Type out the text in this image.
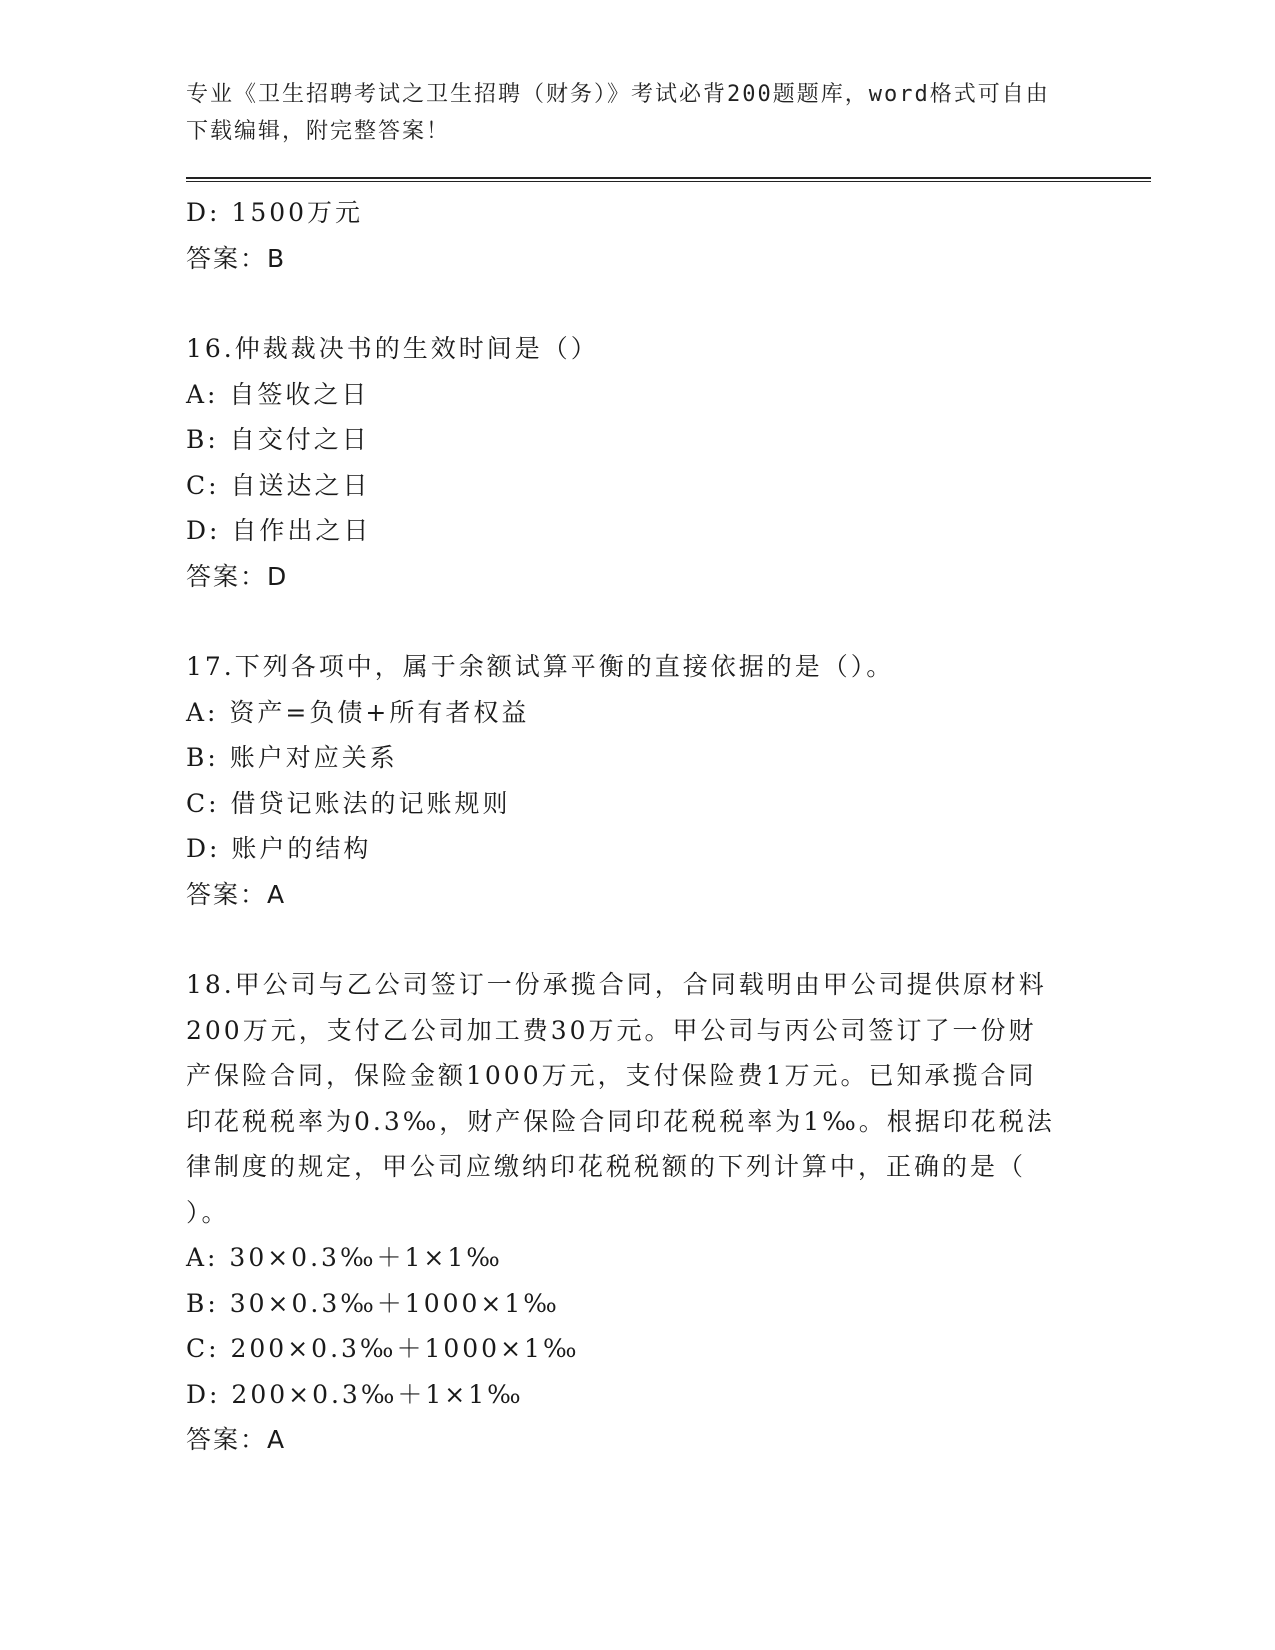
专业《卫生招聘考试之卫生招聘（财务）》考试必背200题题库，word格式可自由下载编辑，附完整答案！
D: 1500万元
答案：B
16.仲裁裁决书的生效时间是（）
A: 自签收之日
B: 自交付之日
C: 自送达之日
D: 自作出之日
答案：D
17.下列各项中，属于余额试算平衡的直接依据的是（）。
A: 资产=负债+所有者权益
B: 账户对应关系
C: 借贷记账法的记账规则
D: 账户的结构
答案：A
18.甲公司与乙公司签订一份承揽合同，合同载明由甲公司提供原材料
200万元，支付乙公司加工费30万元。甲公司与丙公司签订了一份财
产保险合同，保险金额1000万元，支付保险费1万元。已知承揽合同
印花税税率为0.3‰，财产保险合同印花税税率为1‰。根据印花税法
律制度的规定，甲公司应缴纳印花税税额的下列计算中，正确的是（
）。
A: 30×0.3‰＋1×1‰
B: 30×0.3‰＋1000×1‰
C: 200×0.3‰＋1000×1‰
D: 200×0.3‰＋1×1‰
答案：A
